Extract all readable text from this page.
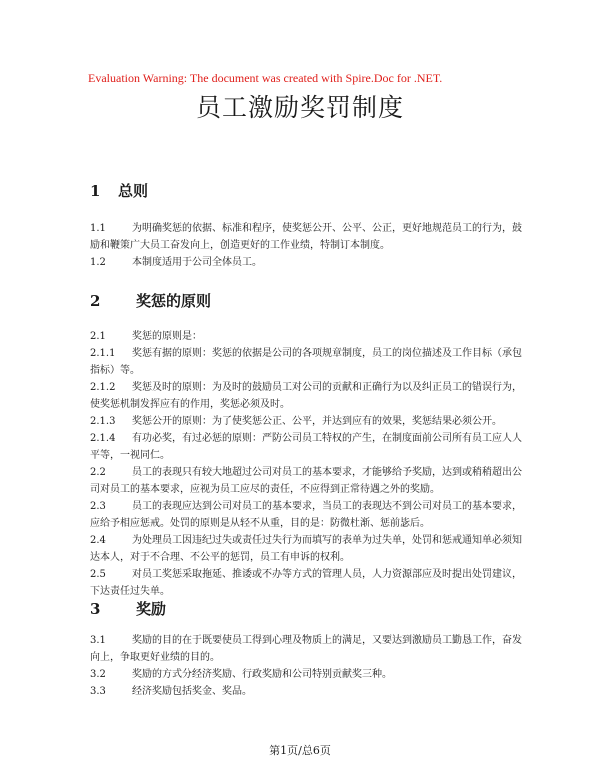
Evaluation Warning: The document was created with Spire.Doc for .NET.
员工激励奖罚制度
1 总则

1.1	为明确奖惩的依据、标准和程序，使奖惩公开、公平、公正，更好地规范员工的行为，鼓励和鞭策广大员工奋发向上，创造更好的工作业绩，特制订本制度。

1.2	本制度适用于公司全体员工。

2 奖惩的原则

2.1	奖惩的原则是：

2.1.1 奖惩有据的原则：奖惩的依据是公司的各项规章制度，员工的岗位描述及工作目标（承包指标）等。

2.1.2 奖惩及时的原则：为及时的鼓励员工对公司的贡献和正确行为以及纠正员工的错误行为，使奖惩机制发挥应有的作用，奖惩必须及时。

2.1.3 奖惩公开的原则：为了使奖惩公正、公平，并达到应有的效果，奖惩结果必须公开。

2.1.4 有功必奖，有过必惩的原则：严防公司员工特权的产生，在制度面前公司所有员工应人人平等，一视同仁。

2.2	员工的表现只有较大地超过公司对员工的基本要求，才能够给予奖励，达到或稍稍超出公司对员工的基本要求，应视为员工应尽的责任，不应得到正常待遇之外的奖励。

2.3	员工的表现应达到公司对员工的基本要求，当员工的表现达不到公司对员工的基本要求，应给予相应惩戒。处罚的原则是从轻不从重，目的是：防微杜渐、惩前毖后。

2.4	为处理员工因违纪过失或责任过失行为而填写的表单为过失单，处罚和惩戒通知单必须知达本人，对于不合理、不公平的惩罚，员工有申诉的权利。

2.5	对员工奖惩采取拖延、推诿或不办等方式的管理人员，人力资源部应及时提出处罚建议，下达责任过失单。

3 奖励

3.1	奖励的目的在于既要使员工得到心理及物质上的满足，又要达到激励员工勤恳工作，奋发向上，争取更好业绩的目的。

3.2	奖励的方式分经济奖励、行政奖励和公司特别贡献奖三种。

3.3	经济奖励包括奖金、奖品。

第1页/总6页
